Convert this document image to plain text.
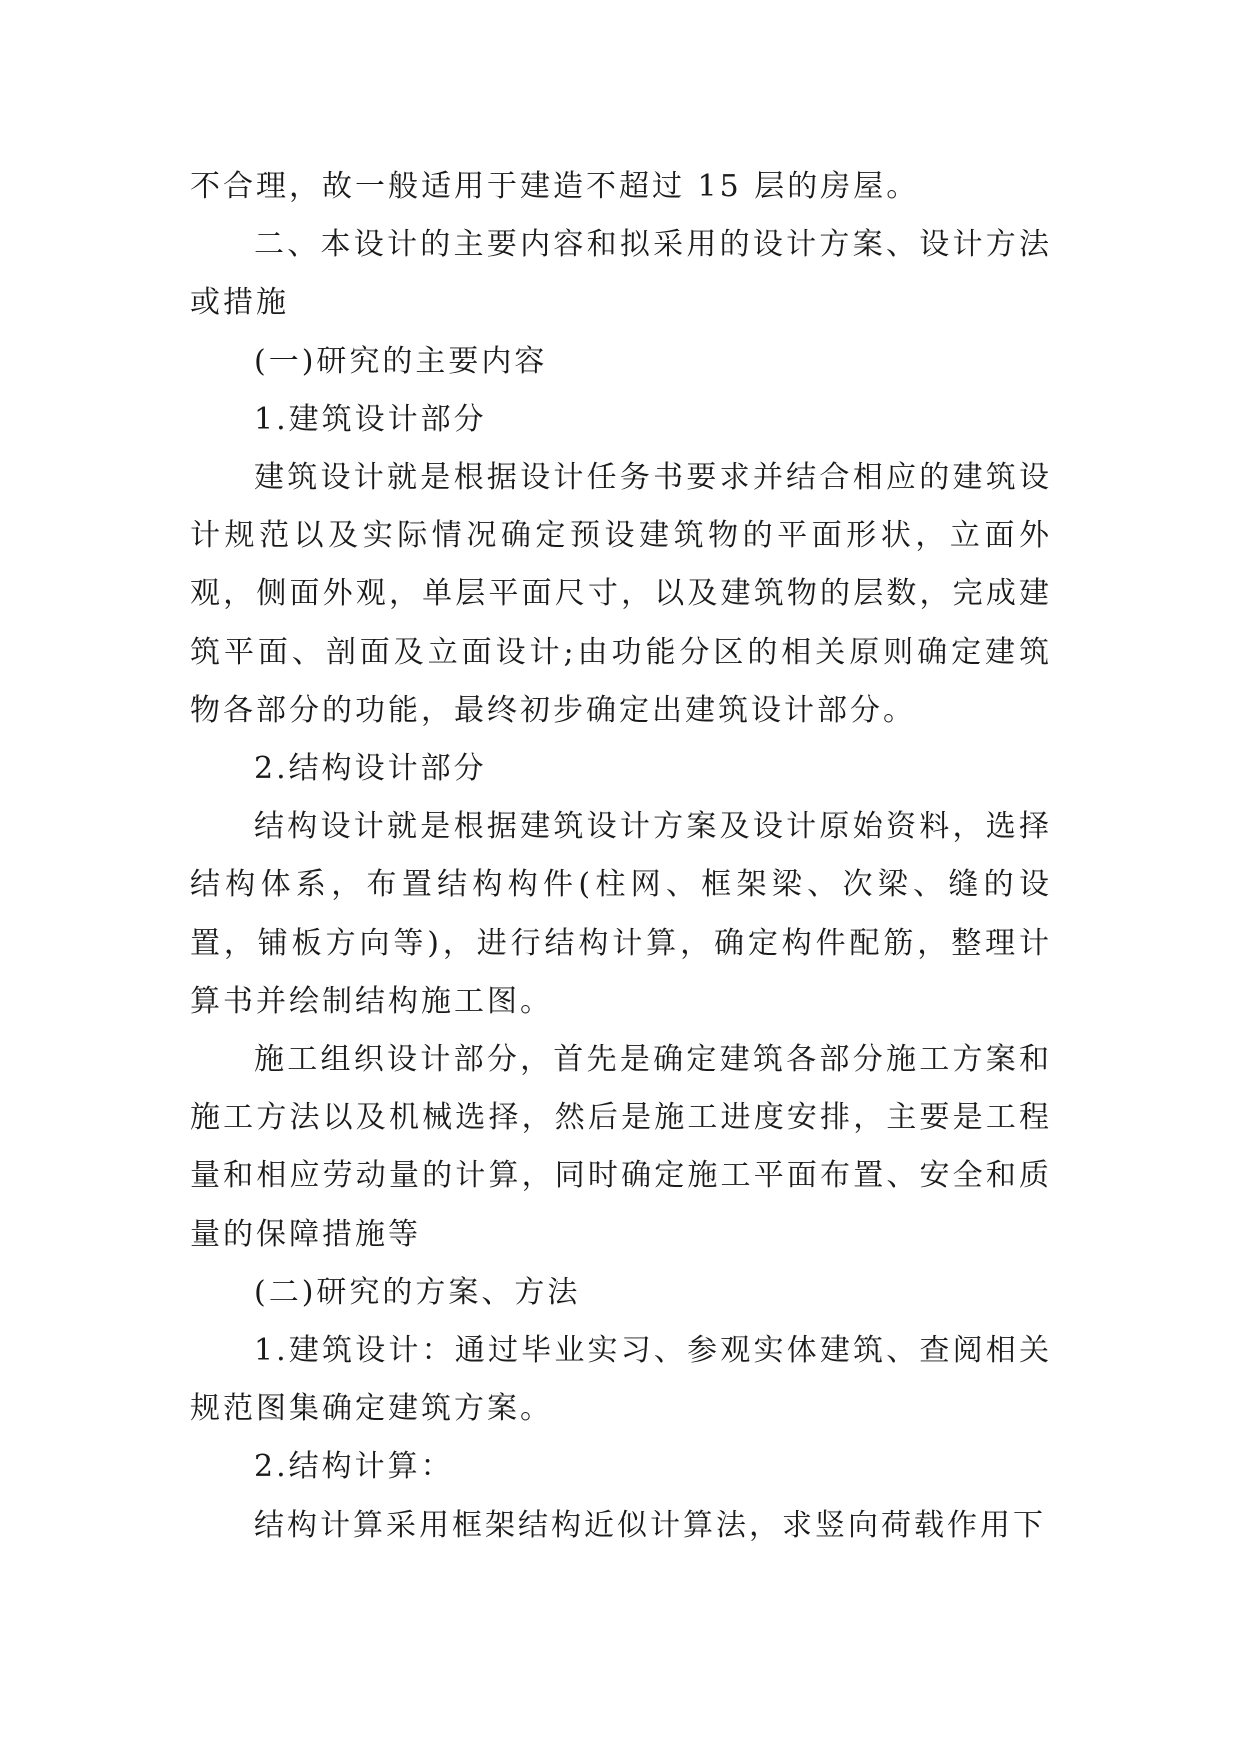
不合理，故一般适用于建造不超过 15 层的房屋。

二、本设计的主要内容和拟采用的设计方案、设计方法或措施

(一)研究的主要内容

1.建筑设计部分

建筑设计就是根据设计任务书要求并结合相应的建筑设计规范以及实际情况确定预设建筑物的平面形状，立面外观，侧面外观，单层平面尺寸，以及建筑物的层数，完成建筑平面、剖面及立面设计;由功能分区的相关原则确定建筑物各部分的功能，最终初步确定出建筑设计部分。

2.结构设计部分

结构设计就是根据建筑设计方案及设计原始资料，选择结构体系，布置结构构件(柱网、框架梁、次梁、缝的设置，铺板方向等)，进行结构计算，确定构件配筋，整理计算书并绘制结构施工图。

施工组织设计部分，首先是确定建筑各部分施工方案和施工方法以及机械选择，然后是施工进度安排，主要是工程量和相应劳动量的计算，同时确定施工平面布置、安全和质量的保障措施等

(二)研究的方案、方法

1.建筑设计：通过毕业实习、参观实体建筑、查阅相关规范图集确定建筑方案。

2.结构计算：

结构计算采用框架结构近似计算法，求竖向荷载作用下
